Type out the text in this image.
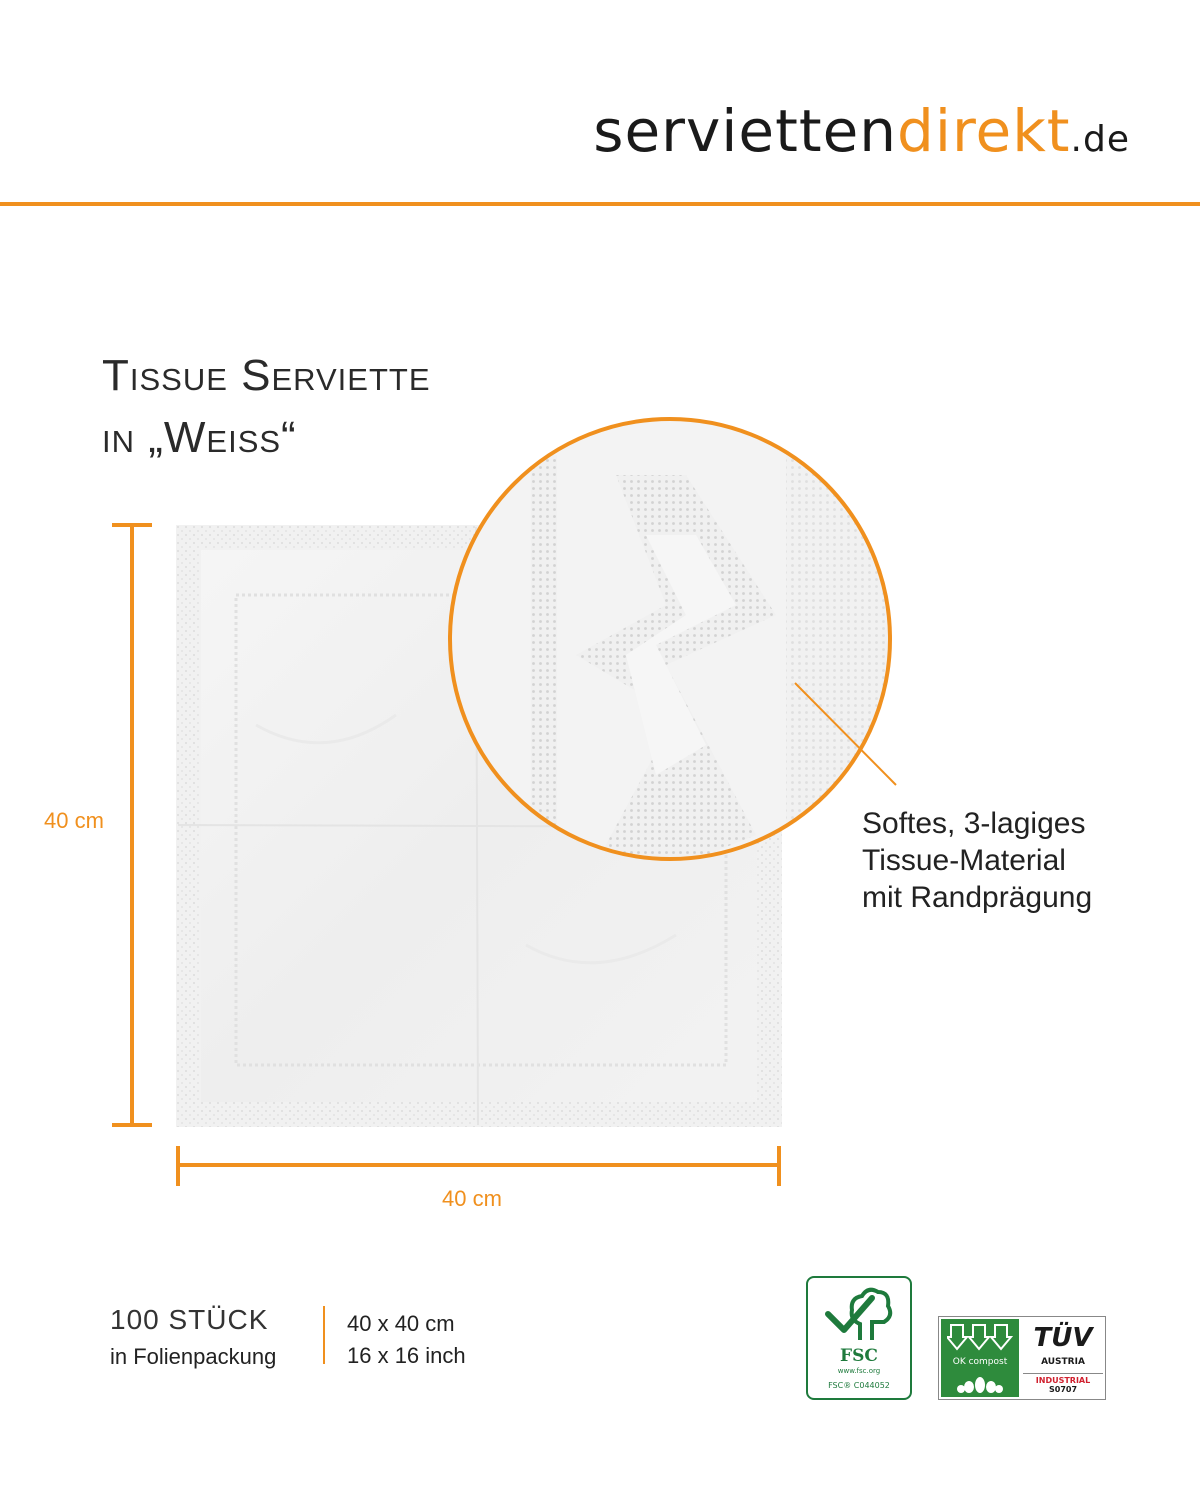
serviettendirekt.de
Tissue Serviette
in „Weiss“
40 cm
40 cm
Softes, 3-lagiges
Tissue-Material
mit Randprägung
100 STÜCK
in Folienpackung
40 x 40 cm
16 x 16 inch	FSC
www.fsc.org
FSC® C044052
OK compost
TÜV
AUSTRIA
INDUSTRIAL
S0707
